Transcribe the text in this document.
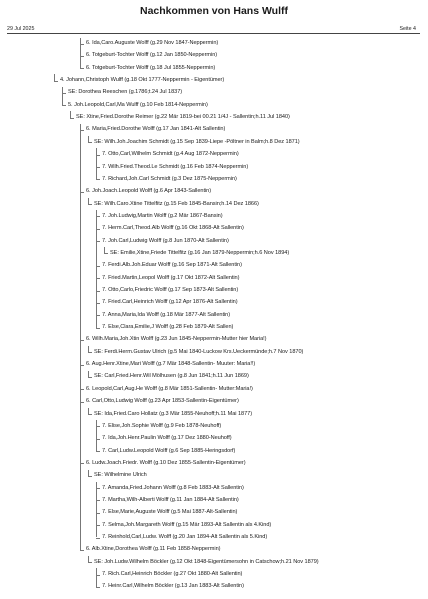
Nachkommen von Hans Wulff
29 Jul 2025	Seite 4
6. Ida,Caro.Auguste Wolff (g.29 Nov 1847-Neppermin)
6. Totgeburt-Tochter Wolff (g.12 Jan 1850-Neppermin)
6. Totgeburt-Tochter Wolff (g.18 Jul 1855-Neppermin)
4. Johann,Christoph Wulff (g.18 Okt 1777-Neppermin - Eigentümer)
SE: Dorothea Reeschen (g.1786;t.24 Jul 1837)
5. Joh.Leopold,Carl,Ma Wulff (g.10 Feb 1814-Neppermin)
SE: Xtine,Fried.Dorothe Reimer (g.22 Mär 1819-bei 00.21 1/4J - Sallentin;h.11 Jul 1840)
6. Maria,Fried.Dorothe Wolff (g.17 Jan 1841-Alt Sallentin)
SE: Wilh.Joh.Joachim Schmidt (g.15 Sep 1839-Liepe -Pöltner in Balm;h.8 Dez 1871)
7. Otto,Carl,Wilhelm Schmidt (g.4 Aug 1872-Neppermin)
7. Wilh.Fried.Theod.Le Schmidt (g.16 Feb 1874-Neppermin)
7. Richard,Joh.Carl Schmidt (g.3 Dez 1875-Neppermin)
6. Joh.Joach.Leopold Wolff (g.6 Apr 1843-Sallentin)
SE: Wilh.Caro.Xtine Tittelfitz (g.15 Feb 1845-Bansin;h.14 Dez 1866)
7. Joh.Ludwig,Martin Wolff (g.2 Mär 1867-Bansin)
7. Herm.Carl,Theod.Alb Wolff (g.16 Okt 1868-Alt Sallentin)
7. Joh.Carl,Ludwig Wolff (g.8 Jun 1870-Alt Sallentin)
SE: Emilie,Xtine,Friede Tittelfitz (g.16 Jan 1879-Neppermin;h.6 Nov 1894)
7. Ferdi.Alb.Joh.Eduar Wolff (g.16 Sep 1871-Alt Sallentin)
7. Fried.Martin,Leopol Wolff (g.17 Okt 1872-Alt Sallentin)
7. Otto,Carlo,Friedric Wolff (g.17 Sep 1873-Alt Sallentin)
7. Fried.Carl,Heinrich Wolff (g.12 Apr 1876-Alt Sallentin)
7. Anna,Maria,Ida Wolff (g.18 Mär 1877-Alt Sallentin)
7. Else,Clara,Emilie,J Wolff (g.28 Feb 1879-Alt Sallen)
6. Wilh.Maria,Joh.Xtin Wolff (g.23 Jun 1845-Neppermin-Mutter hier Maria!)
SE: Ferdi.Herm.Gustav Ulrich (g.5 Mai 1840-Luckow Krs.Ueckermünde;h.7 Nov 1870)
6. Aug.Henr.Xtine,Mari Wolff (g.7 Mär 1848-Sallentin- Muuter: Maria!!)
SE: Carl,Fried.Henr.Wil Mölhusen (g.8 Jun 1841;h.11 Jun 1869)
6. Leopold,Carl,Aug.He Wolff (g.8 Mär 1851-Sallentin- Mutter:Maria!)
6. Carl,Otto,Ludwig Wolff (g.23 Apr 1853-Sallentin-Eigentümer)
SE: Ida,Fried.Caro Hollatz (g.3 Mär 1855-Neuhoff;h.11 Mai 1877)
7. Elise,Joh.Sophie Wolff (g.9 Feb 1878-Neuhoff)
7. Ida,Joh.Henr.Paulin Wolff (g.17 Dez 1880-Neuhoff)
7. Carl,Ludw.Leopold Wolff (g.6 Sep 1885-Heringsdorf)
6. Ludw.Joach.Friedr. Wolff (g.10 Dez 1855-Sallentin-Eigentümer)
SE: Wilhelmine Ulrich
7. Amanda,Fried.Johann Wolff (g.8 Feb 1883-Alt Sallentin)
7. Martha,Wilh-Alberti Wolff (g.11 Jan 1884-Alt Sallentin)
7. Else,Marie,Auguste Wolff (g.5 Mai 1887-Alt-Sallentin)
7. Selma,Joh.Margareth Wolff (g.15 Mär 1893-Alt Sallentin als 4.Kind)
7. Reinhold,Carl,Ludw. Wolff (g.20 Jan 1894-Alt Sallentin als 5.Kind)
6. Alb.Xtine,Dorothea Wolff (g.11 Feb 1858-Neppermin)
SE: Joh.Ludw.Wilhelm Böckler (g.12 Okt 1848-Eigentümersohn in Catschow;h.21 Nov 1879)
7. Rich.Carl,Heinrich Böckler (g.27 Okt 1880-Alt Sallentin)
7. Heinr.Carl,Wilhelm Böckler (g.13 Jan 1883-Alt Sallentin)
